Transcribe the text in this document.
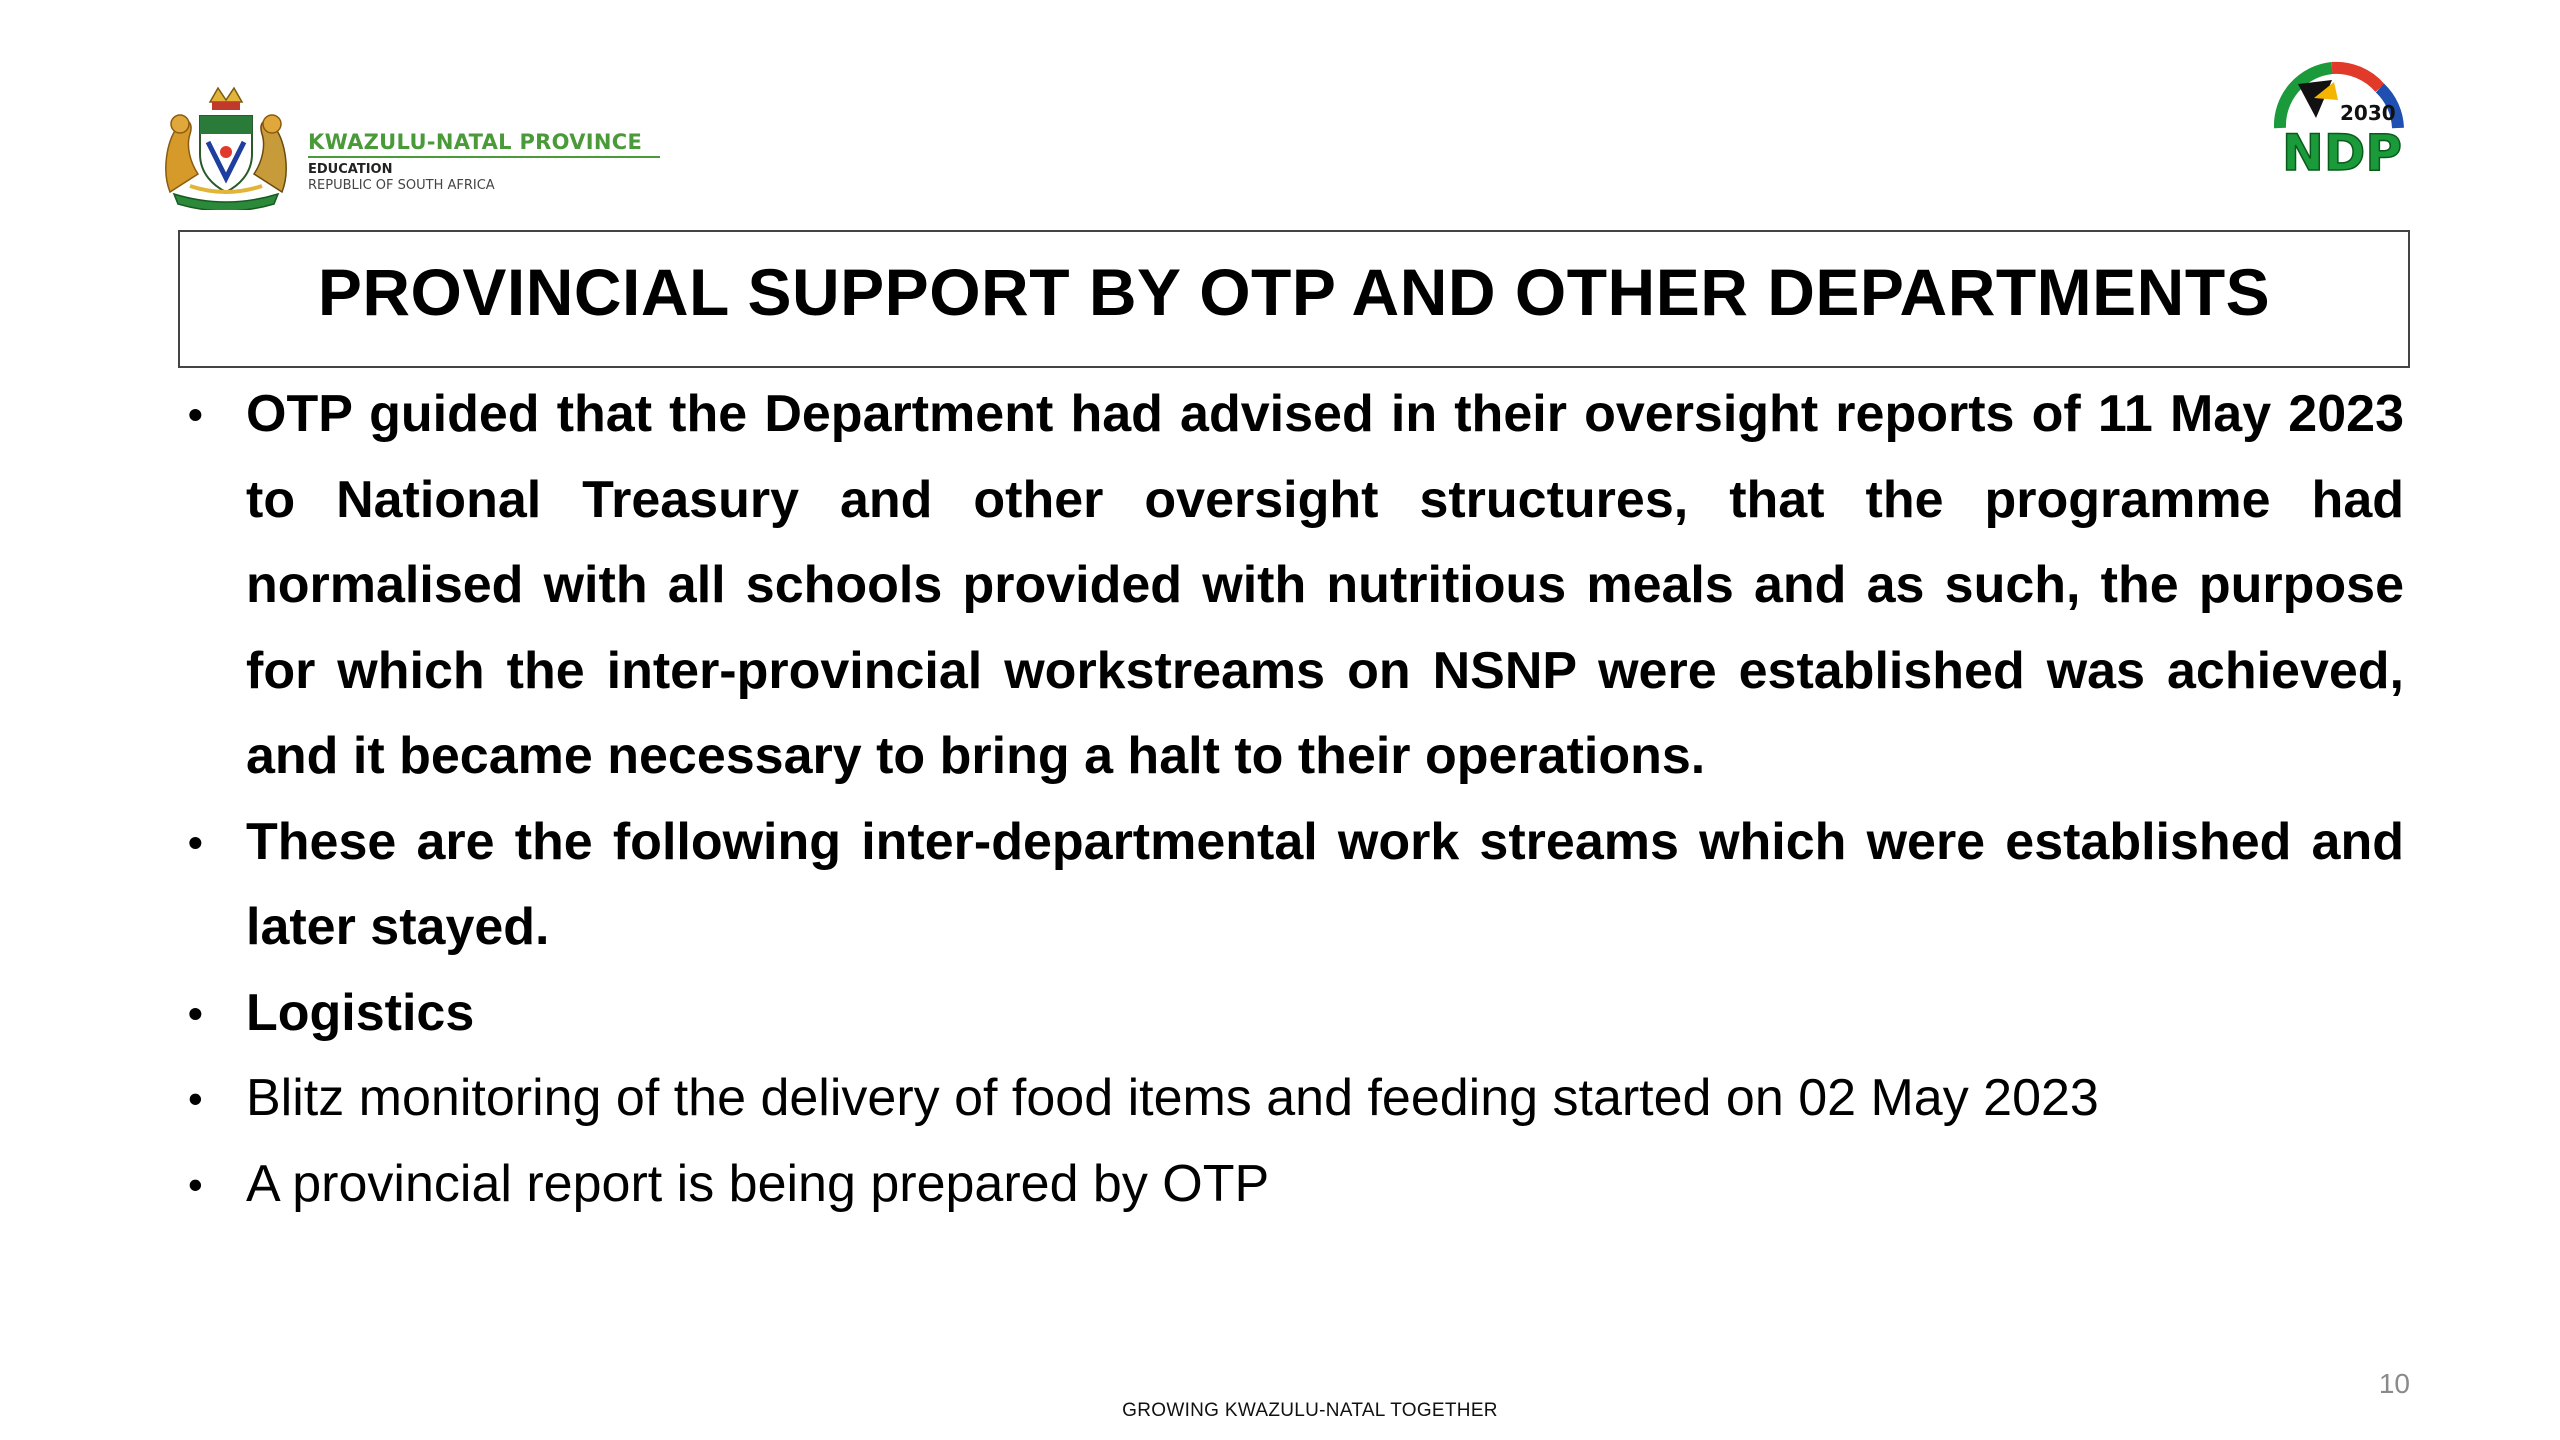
KWAZULU-NATAL PROVINCE
EDUCATION
REPUBLIC OF SOUTH AFRICA
2030
NDP
PROVINCIAL SUPPORT BY OTP AND OTHER DEPARTMENTS
• OTP guided that the Department had advised in their oversight reports of 11 May 2023 to National Treasury and other oversight structures, that the programme had normalised with all schools provided with nutritious meals and as such, the purpose for which the inter-provincial workstreams on NSNP were established was achieved, and it became necessary to bring a halt to their operations.
• These are the following inter-departmental work streams which were established and later stayed.
• Logistics
• Blitz monitoring of the delivery of food items and feeding started on 02 May 2023
• A provincial report is being prepared by OTP
GROWING KWAZULU-NATAL TOGETHER
10
